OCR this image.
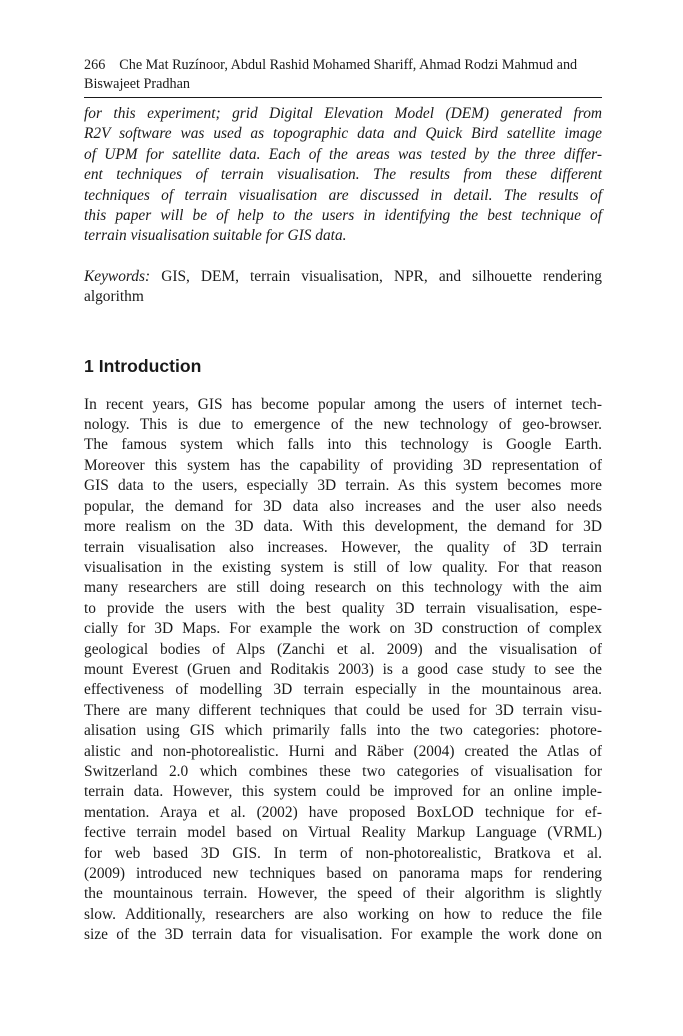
266 Che Mat Ruzínoor, Abdul Rashid Mohamed Shariff, Ahmad Rodzi Mahmud and Biswajeet Pradhan
for this experiment; grid Digital Elevation Model (DEM) generated from
R2V software was used as topographic data and Quick Bird satellite image
of UPM for satellite data. Each of the areas was tested by the three differ-
ent techniques of terrain visualisation. The results from these different
techniques of terrain visualisation are discussed in detail. The results of
this paper will be of help to the users in identifying the best technique of
terrain visualisation suitable for GIS data.
Keywords: GIS, DEM, terrain visualisation, NPR, and silhouette rendering algorithm
1 Introduction
In recent years, GIS has become popular among the users of internet tech-
nology. This is due to emergence of the new technology of geo-browser.
The famous system which falls into this technology is Google Earth.
Moreover this system has the capability of providing 3D representation of
GIS data to the users, especially 3D terrain. As this system becomes more
popular, the demand for 3D data also increases and the user also needs
more realism on the 3D data. With this development, the demand for 3D
terrain visualisation also increases. However, the quality of 3D terrain
visualisation in the existing system is still of low quality. For that reason
many researchers are still doing research on this technology with the aim
to provide the users with the best quality 3D terrain visualisation, espe-
cially for 3D Maps. For example the work on 3D construction of complex
geological bodies of Alps (Zanchi et al. 2009) and the visualisation of
mount Everest (Gruen and Roditakis 2003) is a good case study to see the
effectiveness of modelling 3D terrain especially in the mountainous area.
There are many different techniques that could be used for 3D terrain visu-
alisation using GIS which primarily falls into the two categories: photore-
alistic and non-photorealistic. Hurni and Räber (2004) created the Atlas of
Switzerland 2.0 which combines these two categories of visualisation for
terrain data. However, this system could be improved for an online imple-
mentation. Araya et al. (2002) have proposed BoxLOD technique for ef-
fective terrain model based on Virtual Reality Markup Language (VRML)
for web based 3D GIS. In term of non-photorealistic, Bratkova et al.
(2009) introduced new techniques based on panorama maps for rendering
the mountainous terrain. However, the speed of their algorithm is slightly
slow. Additionally, researchers are also working on how to reduce the file
size of the 3D terrain data for visualisation. For example the work done on
